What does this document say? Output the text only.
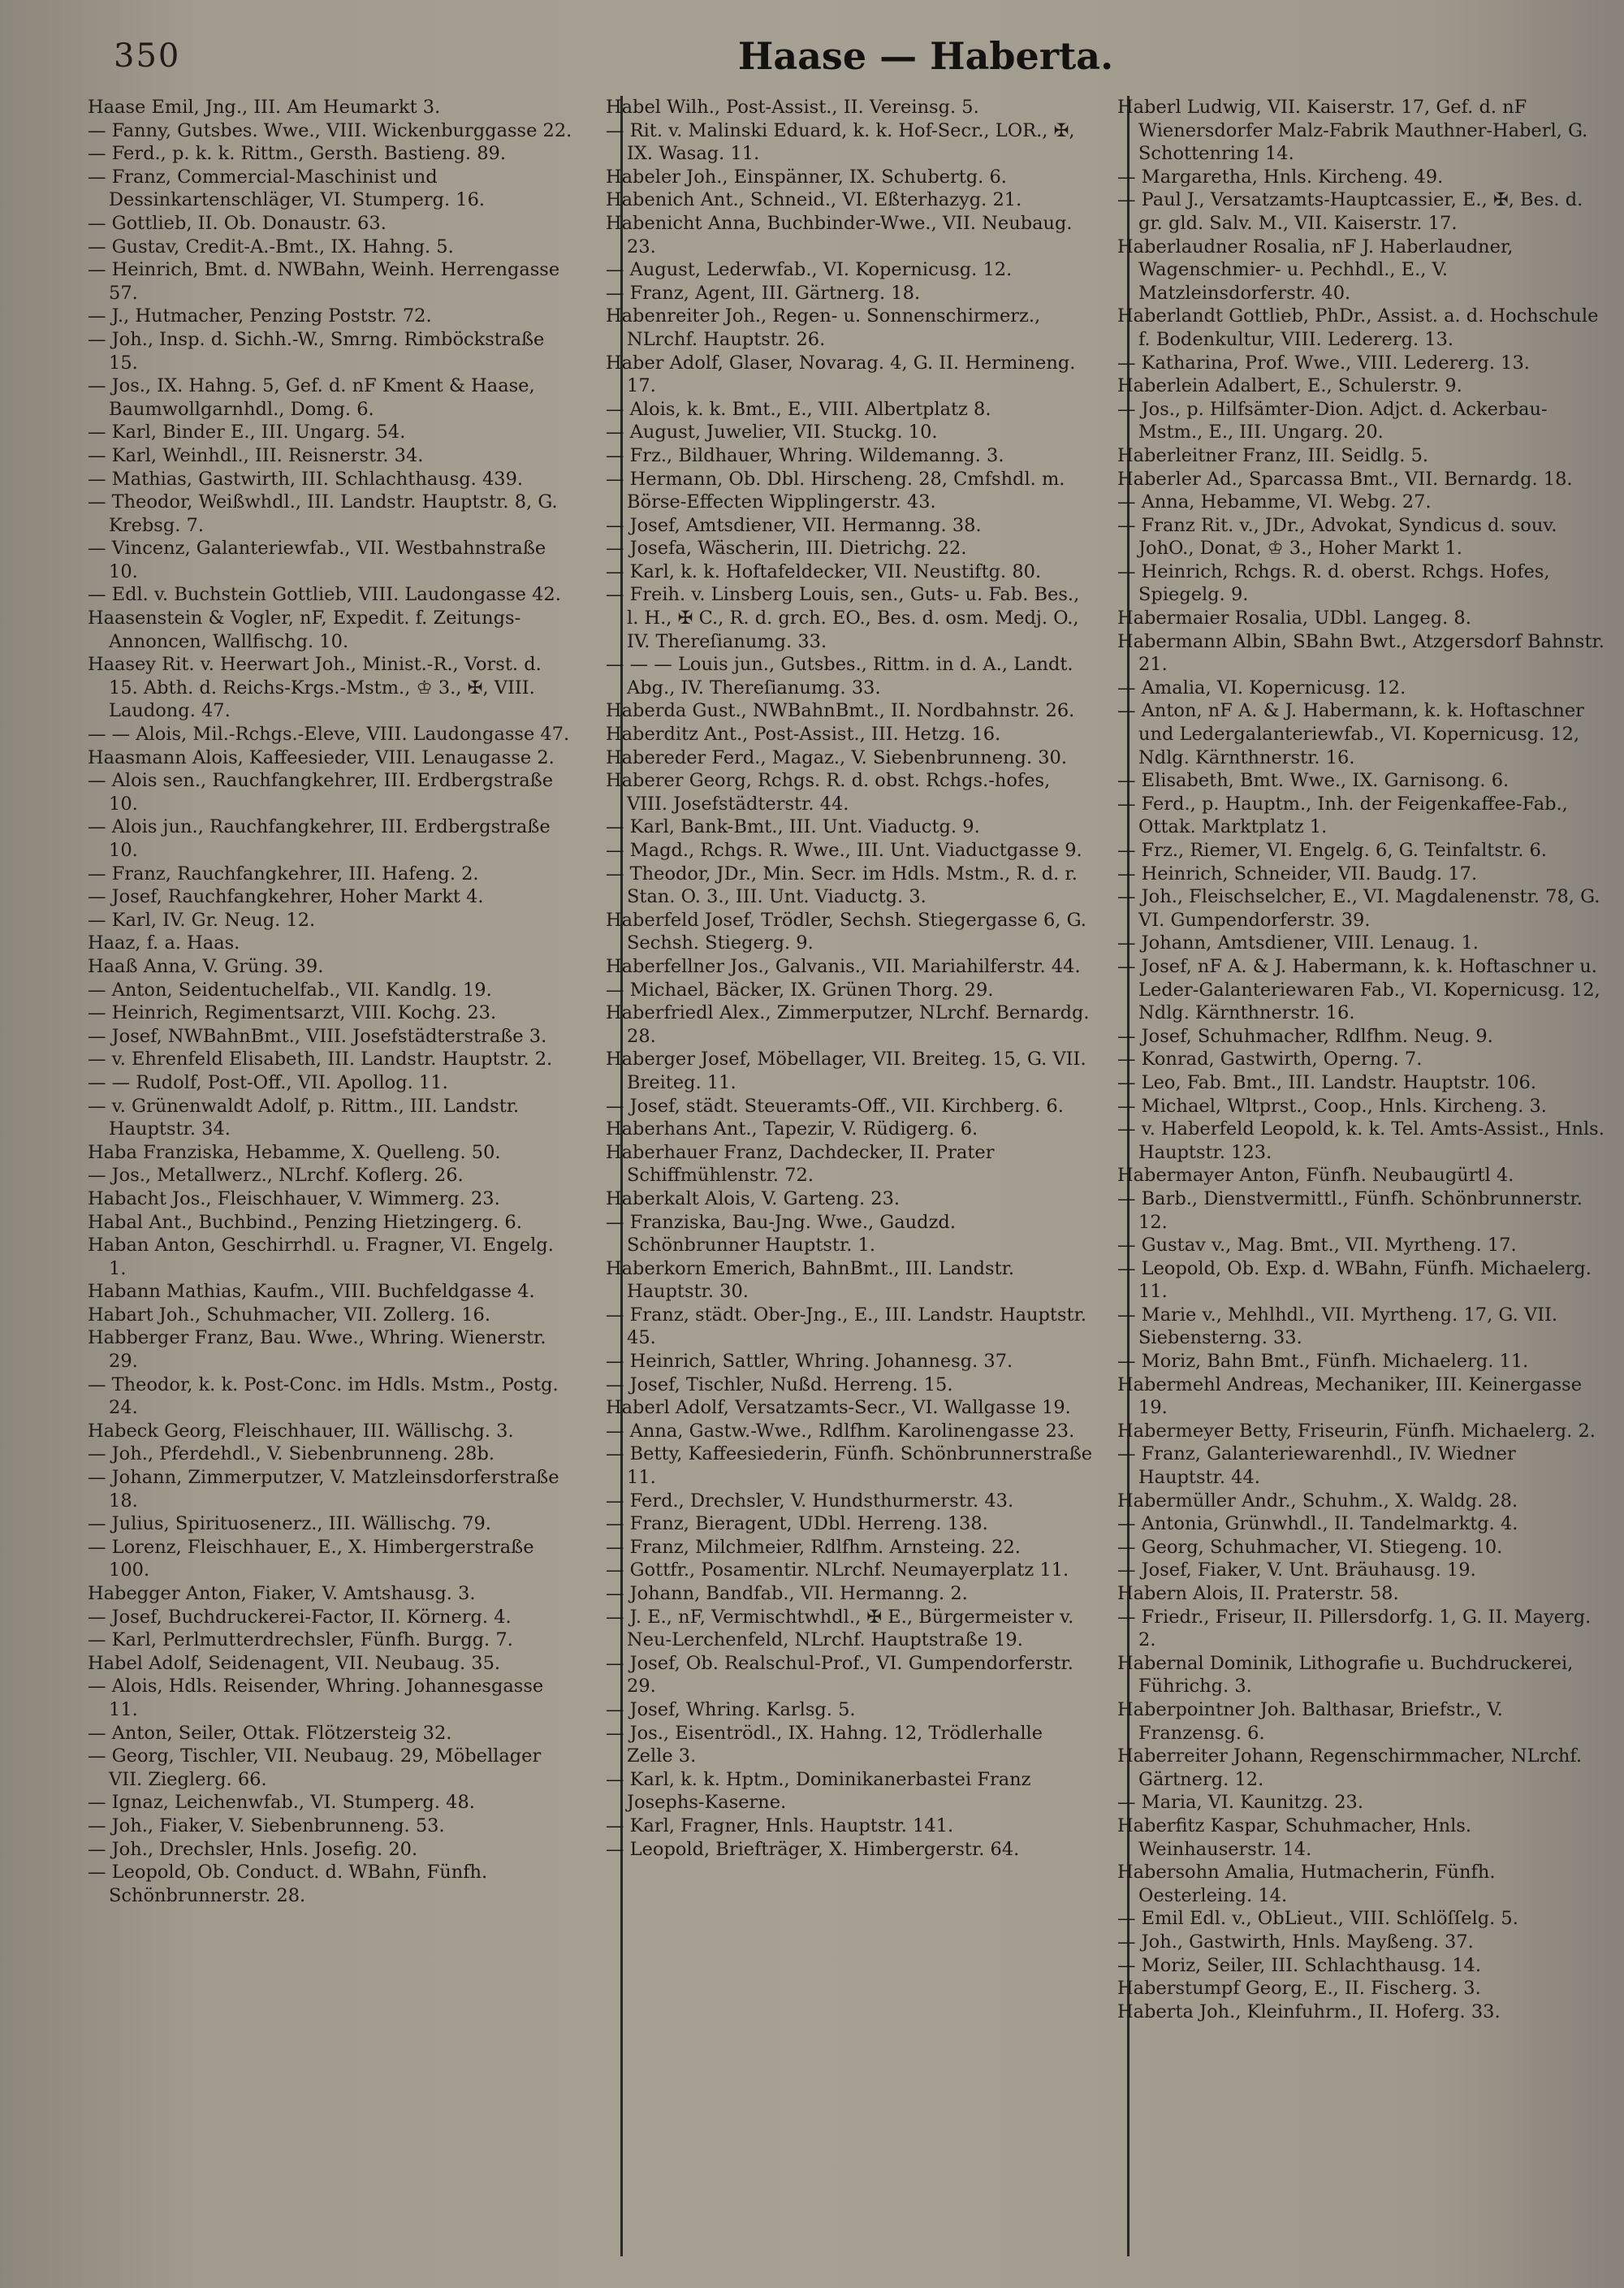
350	Haase — Haberta.

Haase Emil, Jng., III. Am Heumarkt 3.

— Fanny, Gutsbes. Wwe., VIII. Wickenburggasse 22.

— Ferd., p. k. k. Rittm., Gersth. Bastieng. 89.

— Franz, Commercial-Maschinist und Dessinkartenschläger, VI. Stumperg. 16.

— Gottlieb, II. Ob. Donaustr. 63.

— Gustav, Credit-A.-Bmt., IX. Hahng. 5.

— Heinrich, Bmt. d. NWBahn, Weinh. Herrengasse 57.

— J., Hutmacher, Penzing Poststr. 72.

— Joh., Insp. d. Sichh.-W., Smrng. Rimböckstraße 15.

— Jos., IX. Hahng. 5, Gef. d. nF Kment & Haase, Baumwollgarnhdl., Domg. 6.

— Karl, Binder E., III. Ungarg. 54.

— Karl, Weinhdl., III. Reisnerstr. 34.

— Mathias, Gastwirth, III. Schlachthausg. 439.

— Theodor, Weißwhdl., III. Landstr. Hauptstr. 8, G. Krebsg. 7.

— Vincenz, Galanteriewfab., VII. Westbahnstraße 10.

— Edl. v. Buchstein Gottlieb, VIII. Laudongasse 42.

Haasenstein & Vogler, nF, Expedit. f. Zeitungs-Annoncen, Wallfischg. 10.

Haasey Rit. v. Heerwart Joh., Minist.-R., Vorst. d. 15. Abth. d. Reichs-Krgs.-Mstm., ♔ 3., ✠, VIII. Laudong. 47.

— — Alois, Mil.-Rchgs.-Eleve, VIII. Laudongasse 47.

Haasmann Alois, Kaffeesieder, VIII. Lenaugasse 2.

— Alois sen., Rauchfangkehrer, III. Erdbergstraße 10.

— Alois jun., Rauchfangkehrer, III. Erdbergstraße 10.

— Franz, Rauchfangkehrer, III. Hafeng. 2.

— Josef, Rauchfangkehrer, Hoher Markt 4.

— Karl, IV. Gr. Neug. 12.

Haaz, f. a. Haas.

Haaß Anna, V. Grüng. 39.

— Anton, Seidentuchelfab., VII. Kandlg. 19.

— Heinrich, Regimentsarzt, VIII. Kochg. 23.

— Josef, NWBahnBmt., VIII. Josefstädterstraße 3.

— v. Ehrenfeld Elisabeth, III. Landstr. Hauptstr. 2.

— — Rudolf, Post-Off., VII. Apollog. 11.

— v. Grünenwaldt Adolf, p. Rittm., III. Landstr. Hauptstr. 34.

Haba Franziska, Hebamme, X. Quelleng. 50.

— Jos., Metallwerz., NLrchf. Koflerg. 26.

Habacht Jos., Fleischhauer, V. Wimmerg. 23.

Habal Ant., Buchbind., Penzing Hietzingerg. 6.

Haban Anton, Geschirrhdl. u. Fragner, VI. Engelg. 1.

Habann Mathias, Kaufm., VIII. Buchfeldgasse 4.

Habart Joh., Schuhmacher, VII. Zollerg. 16.

Habberger Franz, Bau. Wwe., Whring. Wienerstr. 29.

— Theodor, k. k. Post-Conc. im Hdls. Mstm., Postg. 24.

Habeck Georg, Fleischhauer, III. Wällischg. 3.

— Joh., Pferdehdl., V. Siebenbrunneng. 28b.

— Johann, Zimmerputzer, V. Matzleinsdorferstraße 18.

— Julius, Spirituosenerz., III. Wällischg. 79.

— Lorenz, Fleischhauer, E., X. Himbergerstraße 100.

Habegger Anton, Fiaker, V. Amtshausg. 3.

— Josef, Buchdruckerei-Factor, II. Körnerg. 4.

— Karl, Perlmutterdrechsler, Fünfh. Burgg. 7.

Habel Adolf, Seidenagent, VII. Neubaug. 35.

— Alois, Hdls. Reisender, Whring. Johannesgasse 11.

— Anton, Seiler, Ottak. Flötzersteig 32.

— Georg, Tischler, VII. Neubaug. 29, Möbellager VII. Zieglerg. 66.

— Ignaz, Leichenwfab., VI. Stumperg. 48.

— Joh., Fiaker, V. Siebenbrunneng. 53.

— Joh., Drechsler, Hnls. Josefig. 20.

— Leopold, Ob. Conduct. d. WBahn, Fünfh. Schönbrunnerstr. 28.

Habel Wilh., Post-Assist., II. Vereinsg. 5.

— Rit. v. Malinski Eduard, k. k. Hof-Secr., LOR., ✠, IX. Wasag. 11.

Habeler Joh., Einspänner, IX. Schubertg. 6.

Habenich Ant., Schneid., VI. Eßterhazyg. 21.

Habenicht Anna, Buchbinder-Wwe., VII. Neubaug. 23.

— August, Lederwfab., VI. Kopernicusg. 12.

— Franz, Agent, III. Gärtnerg. 18.

Habenreiter Joh., Regen- u. Sonnenschirmerz., NLrchf. Hauptstr. 26.

Haber Adolf, Glaser, Novarag. 4, G. II. Hermineng. 17.

— Alois, k. k. Bmt., E., VIII. Albertplatz 8.

— August, Juwelier, VII. Stuckg. 10.

— Frz., Bildhauer, Whring. Wildemanng. 3.

— Hermann, Ob. Dbl. Hirscheng. 28, Cmfshdl. m. Börse-Effecten Wipplingerstr. 43.

— Josef, Amtsdiener, VII. Hermanng. 38.

— Josefa, Wäscherin, III. Dietrichg. 22.

— Karl, k. k. Hoftafeldecker, VII. Neustiftg. 80.

— Freih. v. Linsberg Louis, sen., Guts- u. Fab. Bes., l. H., ✠ C., R. d. grch. EO., Bes. d. osm. Medj. O., IV. Thereſianumg. 33.

— — — Louis jun., Gutsbes., Rittm. in d. A., Landt. Abg., IV. Thereſianumg. 33.

Haberda Gust., NWBahnBmt., II. Nordbahnstr. 26.

Haberditz Ant., Post-Assist., III. Hetzg. 16.

Habereder Ferd., Magaz., V. Siebenbrunneng. 30.

Haberer Georg, Rchgs. R. d. obst. Rchgs.-hofes, VIII. Josefstädterstr. 44.

— Karl, Bank-Bmt., III. Unt. Viaductg. 9.

— Magd., Rchgs. R. Wwe., III. Unt. Viaductgasse 9.

— Theodor, JDr., Min. Secr. im Hdls. Mstm., R. d. r. Stan. O. 3., III. Unt. Viaductg. 3.

Haberfeld Josef, Trödler, Sechsh. Stiegergasse 6, G. Sechsh. Stiegerg. 9.

Haberfellner Jos., Galvanis., VII. Mariahilferstr. 44.

— Michael, Bäcker, IX. Grünen Thorg. 29.

Haberfriedl Alex., Zimmerputzer, NLrchf. Bernardg. 28.

Haberger Josef, Möbellager, VII. Breiteg. 15, G. VII. Breiteg. 11.

— Josef, städt. Steueramts-Off., VII. Kirchberg. 6.

Haberhans Ant., Tapezir, V. Rüdigerg. 6.

Haberhauer Franz, Dachdecker, II. Prater Schiffmühlenstr. 72.

Haberkalt Alois, V. Garteng. 23.

— Franziska, Bau-Jng. Wwe., Gaudzd. Schönbrunner Hauptstr. 1.

Haberkorn Emerich, BahnBmt., III. Landstr. Hauptstr. 30.

— Franz, städt. Ober-Jng., E., III. Landstr. Hauptstr. 45.

— Heinrich, Sattler, Whring. Johannesg. 37.

— Josef, Tischler, Nußd. Herreng. 15.

Haberl Adolf, Versatzamts-Secr., VI. Wallgasse 19.

— Anna, Gastw.-Wwe., Rdlfhm. Karolinengasse 23.

— Betty, Kaffeesiederin, Fünfh. Schönbrunnerstraße 11.

— Ferd., Drechsler, V. Hundsthurmerstr. 43.

— Franz, Bieragent, UDbl. Herreng. 138.

— Franz, Milchmeier, Rdlfhm. Arnsteing. 22.

— Gottfr., Posamentir. NLrchf. Neumayerplatz 11.

— Johann, Bandfab., VII. Hermanng. 2.

— J. E., nF, Vermischtwhdl., ✠ E., Bürgermeister v. Neu-Lerchenfeld, NLrchf. Hauptstraße 19.

— Josef, Ob. Realschul-Prof., VI. Gumpendorferstr. 29.

— Josef, Whring. Karlsg. 5.

— Jos., Eisentrödl., IX. Hahng. 12, Trödlerhalle Zelle 3.

— Karl, k. k. Hptm., Dominikanerbastei Franz Josephs-Kaserne.

— Karl, Fragner, Hnls. Hauptstr. 141.

— Leopold, Briefträger, X. Himbergerstr. 64.

Haberl Ludwig, VII. Kaiserstr. 17, Gef. d. nF Wienersdorfer Malz-Fabrik Mauthner-Haberl, G. Schottenring 14.

— Margaretha, Hnls. Kircheng. 49.

— Paul J., Versatzamts-Hauptcassier, E., ✠, Bes. d. gr. gld. Salv. M., VII. Kaiserstr. 17.

Haberlaudner Rosalia, nF J. Haberlaudner, Wagenschmier- u. Pechhdl., E., V. Matzleinsdorferstr. 40.

Haberlandt Gottlieb, PhDr., Assist. a. d. Hochschule f. Bodenkultur, VIII. Ledererg. 13.

— Katharina, Prof. Wwe., VIII. Ledererg. 13.

Haberlein Adalbert, E., Schulerstr. 9.

— Jos., p. Hilfsämter-Dion. Adjct. d. Ackerbau-Mstm., E., III. Ungarg. 20.

Haberleitner Franz, III. Seidlg. 5.

Haberler Ad., Sparcassa Bmt., VII. Bernardg. 18.

— Anna, Hebamme, VI. Webg. 27.

— Franz Rit. v., JDr., Advokat, Syndicus d. souv. JohO., Donat, ♔ 3., Hoher Markt 1.

— Heinrich, Rchgs. R. d. oberst. Rchgs. Hofes, Spiegelg. 9.

Habermaier Rosalia, UDbl. Langeg. 8.

Habermann Albin, SBahn Bwt., Atzgersdorf Bahnstr. 21.

— Amalia, VI. Kopernicusg. 12.

— Anton, nF A. & J. Habermann, k. k. Hoftaschner und Ledergalanteriewfab., VI. Kopernicusg. 12, Ndlg. Kärnthnerstr. 16.

— Elisabeth, Bmt. Wwe., IX. Garnisong. 6.

— Ferd., p. Hauptm., Inh. der Feigenkaffee-Fab., Ottak. Marktplatz 1.

— Frz., Riemer, VI. Engelg. 6, G. Teinfaltstr. 6.

— Heinrich, Schneider, VII. Baudg. 17.

— Joh., Fleischselcher, E., VI. Magdalenenstr. 78, G. VI. Gumpendorferstr. 39.

— Johann, Amtsdiener, VIII. Lenaug. 1.

— Josef, nF A. & J. Habermann, k. k. Hoftaschner u. Leder-Galanteriewaren Fab., VI. Kopernicusg. 12, Ndlg. Kärnthnerstr. 16.

— Josef, Schuhmacher, Rdlfhm. Neug. 9.

— Konrad, Gastwirth, Operng. 7.

— Leo, Fab. Bmt., III. Landstr. Hauptstr. 106.

— Michael, Wltprst., Coop., Hnls. Kircheng. 3.

— v. Haberfeld Leopold, k. k. Tel. Amts-Assist., Hnls. Hauptstr. 123.

Habermayer Anton, Fünfh. Neubaugürtl 4.

— Barb., Dienstvermittl., Fünfh. Schönbrunnerstr. 12.

— Gustav v., Mag. Bmt., VII. Myrtheng. 17.

— Leopold, Ob. Exp. d. WBahn, Fünfh. Michaelerg. 11.

— Marie v., Mehlhdl., VII. Myrtheng. 17, G. VII. Siebensterng. 33.

— Moriz, Bahn Bmt., Fünfh. Michaelerg. 11.

Habermehl Andreas, Mechaniker, III. Keinergasse 19.

Habermeyer Betty, Friseurin, Fünfh. Michaelerg. 2.

— Franz, Galanteriewarenhdl., IV. Wiedner Hauptstr. 44.

Habermüller Andr., Schuhm., X. Waldg. 28.

— Antonia, Grünwhdl., II. Tandelmarktg. 4.

— Georg, Schuhmacher, VI. Stiegeng. 10.

— Josef, Fiaker, V. Unt. Bräuhausg. 19.

Habern Alois, II. Praterstr. 58.

— Friedr., Friseur, II. Pillersdorfg. 1, G. II. Mayerg. 2.

Habernal Dominik, Lithografie u. Buchdruckerei, Führichg. 3.

Haberpointner Joh. Balthasar, Briefstr., V. Franzensg. 6.

Haberreiter Johann, Regenschirmmacher, NLrchf. Gärtnerg. 12.

— Maria, VI. Kaunitzg. 23.

Haberfitz Kaspar, Schuhmacher, Hnls. Weinhauserstr. 14.

Habersohn Amalia, Hutmacherin, Fünfh. Oesterleing. 14.

— Emil Edl. v., ObLieut., VIII. Schlöſſelg. 5.

— Joh., Gastwirth, Hnls. Mayßeng. 37.

— Moriz, Seiler, III. Schlachthausg. 14.

Haberstumpf Georg, E., II. Fischerg. 3.

Haberta Joh., Kleinfuhrm., II. Hoferg. 33.
